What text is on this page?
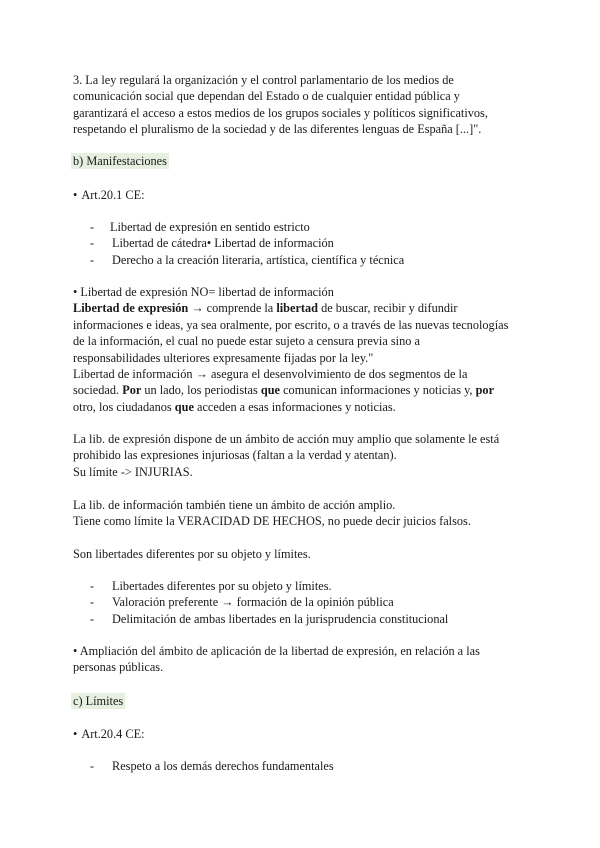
3. La ley regulará la organización y el control parlamentario de los medios de

comunicación social que dependan del Estado o de cualquier entidad pública y

garantizará el acceso a estos medios de los grupos sociales y políticos significativos,

respetando el pluralismo de la sociedad y de las diferentes lenguas de España [...]".

b) Manifestaciones
• Art.20.1 CE:
-	Libertad de expresión en sentido estricto
-	Libertad de cátedra• Libertad de información
-	Derecho a la creación literaria, artística, científica y técnica

• Libertad de expresión NO= libertad de información

Libertad de expresión → comprende la libertad de buscar, recibir y difundir

informaciones e ideas, ya sea oralmente, por escrito, o a través de las nuevas tecnologías

de la información, el cual no puede estar sujeto a censura previa sino a

responsabilidades ulteriores expresamente fijadas por la ley."

Libertad de información → asegura el desenvolvimiento de dos segmentos de la

sociedad. Por un lado, los periodistas que comunican informaciones y noticias y, por

otro, los ciudadanos que acceden a esas informaciones y noticias.

La lib. de expresión dispone de un ámbito de acción muy amplio que solamente le está

prohibido las expresiones injuriosas (faltan a la verdad y atentan).

Su límite -> INJURIAS.

La lib. de información también tiene un ámbito de acción amplio.

Tiene como límite la VERACIDAD DE HECHOS, no puede decir juicios falsos.

Son libertades diferentes por su objeto y límites.

-	Libertades diferentes por su objeto y límites.
-	Valoración preferente → formación de la opinión pública
-	Delimitación de ambas libertades en la jurisprudencia constitucional

• Ampliación del ámbito de aplicación de la libertad de expresión, en relación a las

personas públicas.

c) Límites
• Art.20.4 CE:
-	Respeto a los demás derechos fundamentales
